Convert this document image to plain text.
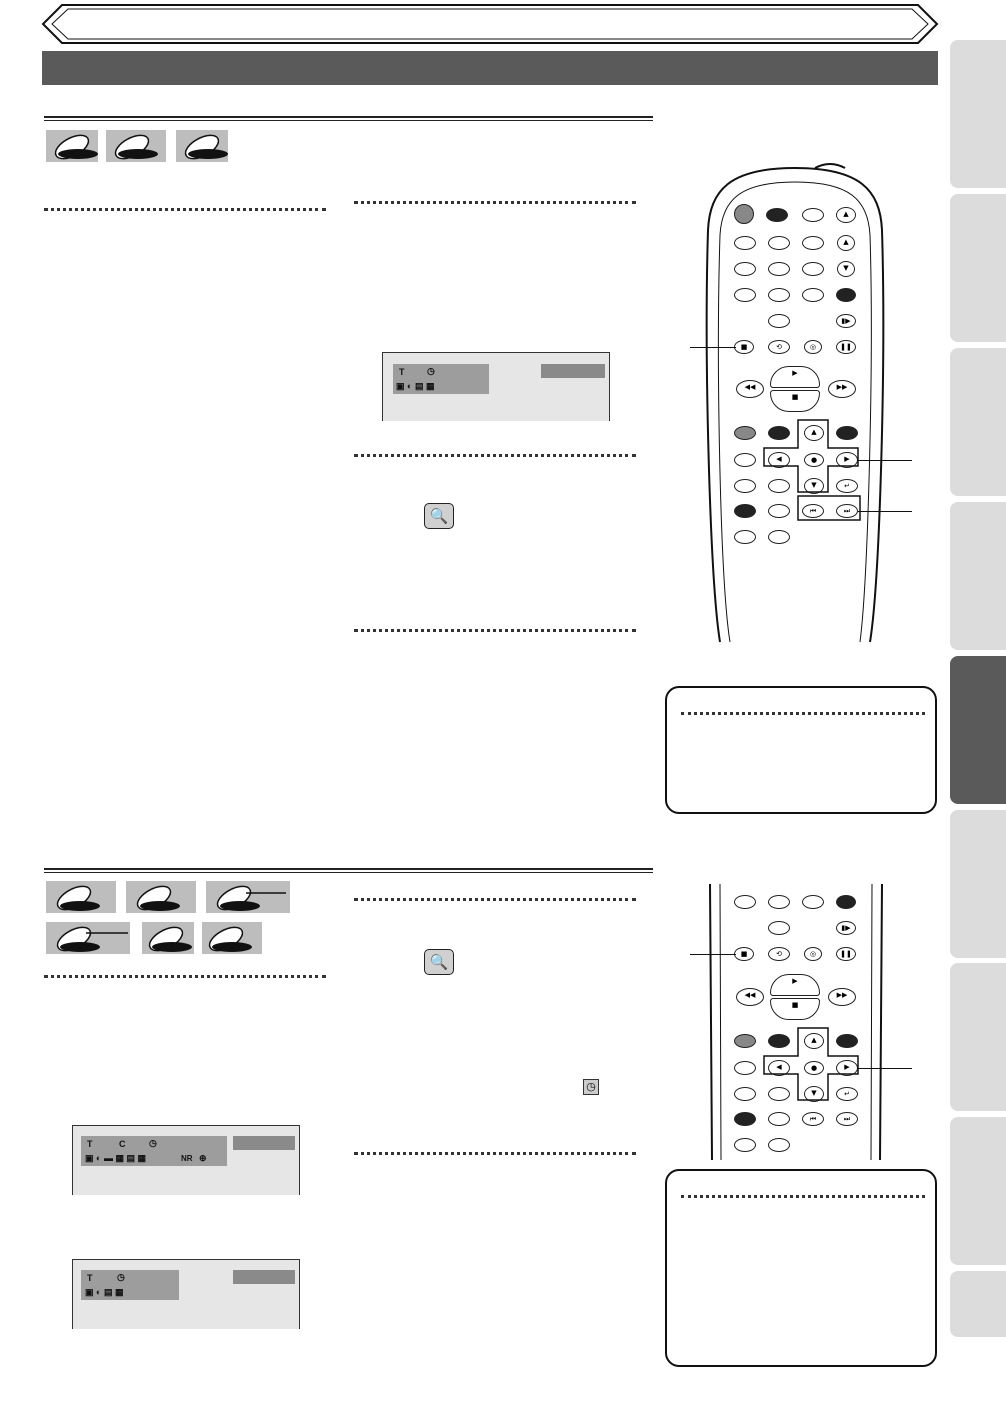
T	◷
▣ ◐ ▤ ▦
🔍
▲
▲
▼
▮▶
■	⟲	◎	❚❚
◀◀
▶
■
▶▶
▲
◀	●	▶
▼	↵
⏮	⏭
🔍
◷
T	C	◷
▣ ◐ ▬ ▦ ▤ ▦	NR ⊕
T	◷
▣ ◐ ▤ ▦
▮▶
■	⟲	◎	❚❚
◀◀
▶
■
▶▶
▲
◀	●	▶
▼	↵
⏮	⏭
